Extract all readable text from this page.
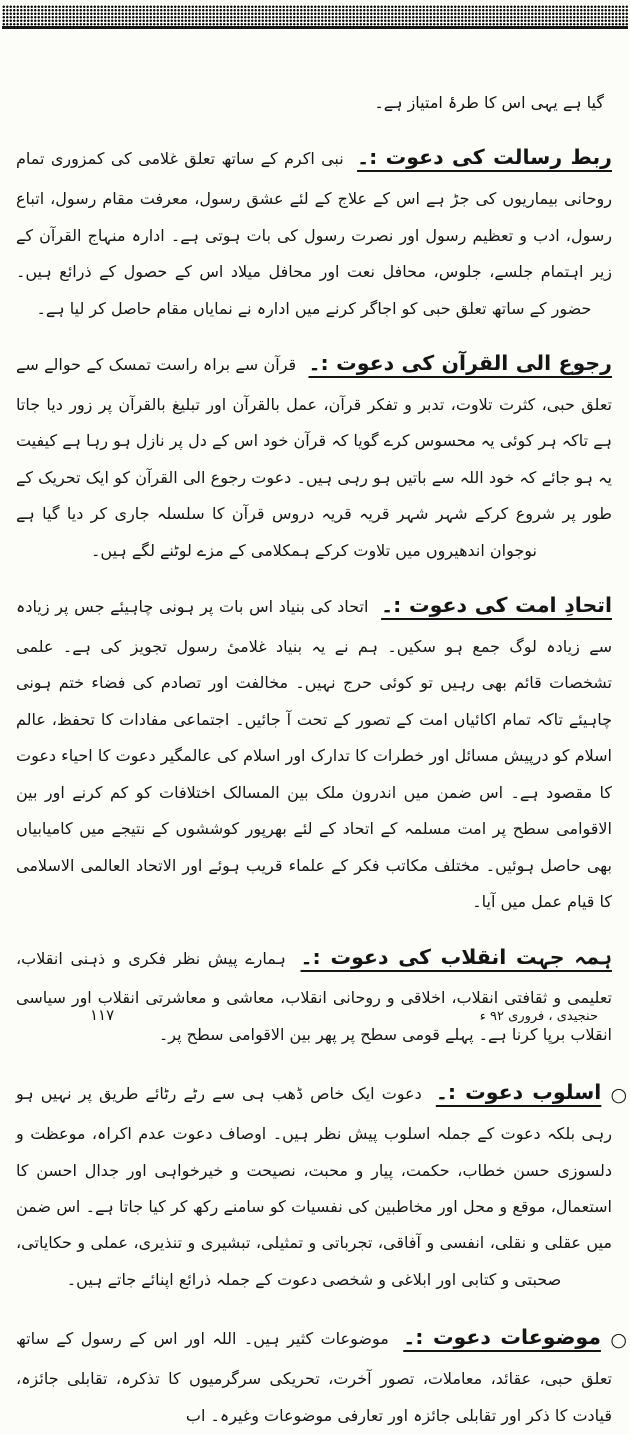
گیا ہے یہی اس کا طرۂ امتیاز ہے۔

ربط رسالت کی دعوت :۔ نبی اکرم کے ساتھ تعلق غلامی کی کمزوری تمام روحانی بیماریوں کی جڑ ہے اس کے علاج کے لئے عشق رسول، معرفت مقام رسول، اتباع رسول، ادب و تعظیم رسول اور نصرت رسول کی بات ہوتی ہے۔ ادارہ منہاج القرآن کے زیر اہتمام جلسے، جلوس، محافل نعت اور محافل میلاد اس کے حصول کے ذرائع ہیں۔ حضور کے ساتھ تعلق حبی کو اجاگر کرنے میں ادارہ نے نمایاں مقام حاصل کر لیا ہے۔

رجوع الی القرآن کی دعوت :۔ قرآن سے براہ راست تمسک کے حوالے سے تعلق حبی، کثرت تلاوت، تدبر و تفکر قرآن، عمل بالقرآن اور تبلیغ بالقرآن پر زور دیا جاتا ہے تاکہ ہر کوئی یہ محسوس کرے گویا کہ قرآن خود اس کے دل پر نازل ہو رہا ہے کیفیت یہ ہو جائے کہ خود اللہ سے باتیں ہو رہی ہیں۔ دعوت رجوع الی القرآن کو ایک تحریک کے طور پر شروع کرکے شہر شہر قریہ قریہ دروس قرآن کا سلسلہ جاری کر دیا گیا ہے نوجوان اندھیروں میں تلاوت کرکے ہمکلامی کے مزے لوٹنے لگے ہیں۔

اتحادِ امت کی دعوت :۔ اتحاد کی بنیاد اس بات پر ہونی چاہیئے جس پر زیادہ سے زیادہ لوگ جمع ہو سکیں۔ ہم نے یہ بنیاد غلامیٔ رسول تجویز کی ہے۔ علمی تشخصات قائم بھی رہیں تو کوئی حرج نہیں۔ مخالفت اور تصادم کی فضاء ختم ہونی چاہیئے تاکہ تمام اکائیاں امت کے تصور کے تحت آ جائیں۔ اجتماعی مفادات کا تحفظ، عالم اسلام کو درپیش مسائل اور خطرات کا تدارک اور اسلام کی عالمگیر دعوت کا احیاء دعوت کا مقصود ہے۔ اس ضمن میں اندرون ملک بین المسالک اختلافات کو کم کرنے اور بین الاقوامی سطح پر امت مسلمہ کے اتحاد کے لئے بھرپور کوششوں کے نتیجے میں کامیابیاں بھی حاصل ہوئیں۔ مختلف مکاتب فکر کے علماء قریب ہوئے اور الاتحاد العالمی الاسلامی کا قیام عمل میں آیا۔

ہمہ جہت انقلاب کی دعوت :۔ ہمارے پیش نظر فکری و ذہنی انقلاب، تعلیمی و ثقافتی انقلاب، اخلاقی و روحانی انقلاب، معاشی و معاشرتی انقلاب اور سیاسی انقلاب برپا کرنا ہے۔ پہلے قومی سطح پر پھر بین الاقوامی سطح پر۔

○ اسلوب دعوت :۔ دعوت ایک خاص ڈھب ہی سے رٹے رٹائے طریق پر نہیں ہو رہی بلکہ دعوت کے جملہ اسلوب پیش نظر ہیں۔ اوصاف دعوت عدم اکراہ، موعظت و دلسوزی حسن خطاب، حکمت، پیار و محبت، نصیحت و خیرخواہی اور جدال احسن کا استعمال، موقع و محل اور مخاطبین کی نفسیات کو سامنے رکھ کر کیا جاتا ہے۔ اس ضمن میں عقلی و نقلی، انفسی و آفاقی، تجرباتی و تمثیلی، تبشیری و تنذیری، عملی و حکایاتی، صحبتی و کتابی اور ابلاغی و شخصی دعوت کے جملہ ذرائع اپنائے جاتے ہیں۔

○ موضوعات دعوت :۔ موضوعات کثیر ہیں۔ اللہ اور اس کے رسول کے ساتھ تعلق حبی، عقائد، معاملات، تصور آخرت، تحریکی سرگرمیوں کا تذکرہ، تقابلی جائزہ، قیادت کا ذکر اور تقابلی جائزہ اور تعارفی موضوعات وغیرہ۔ اب

۱۱۷	حنجیدی ، فروری ۹۲ ء
